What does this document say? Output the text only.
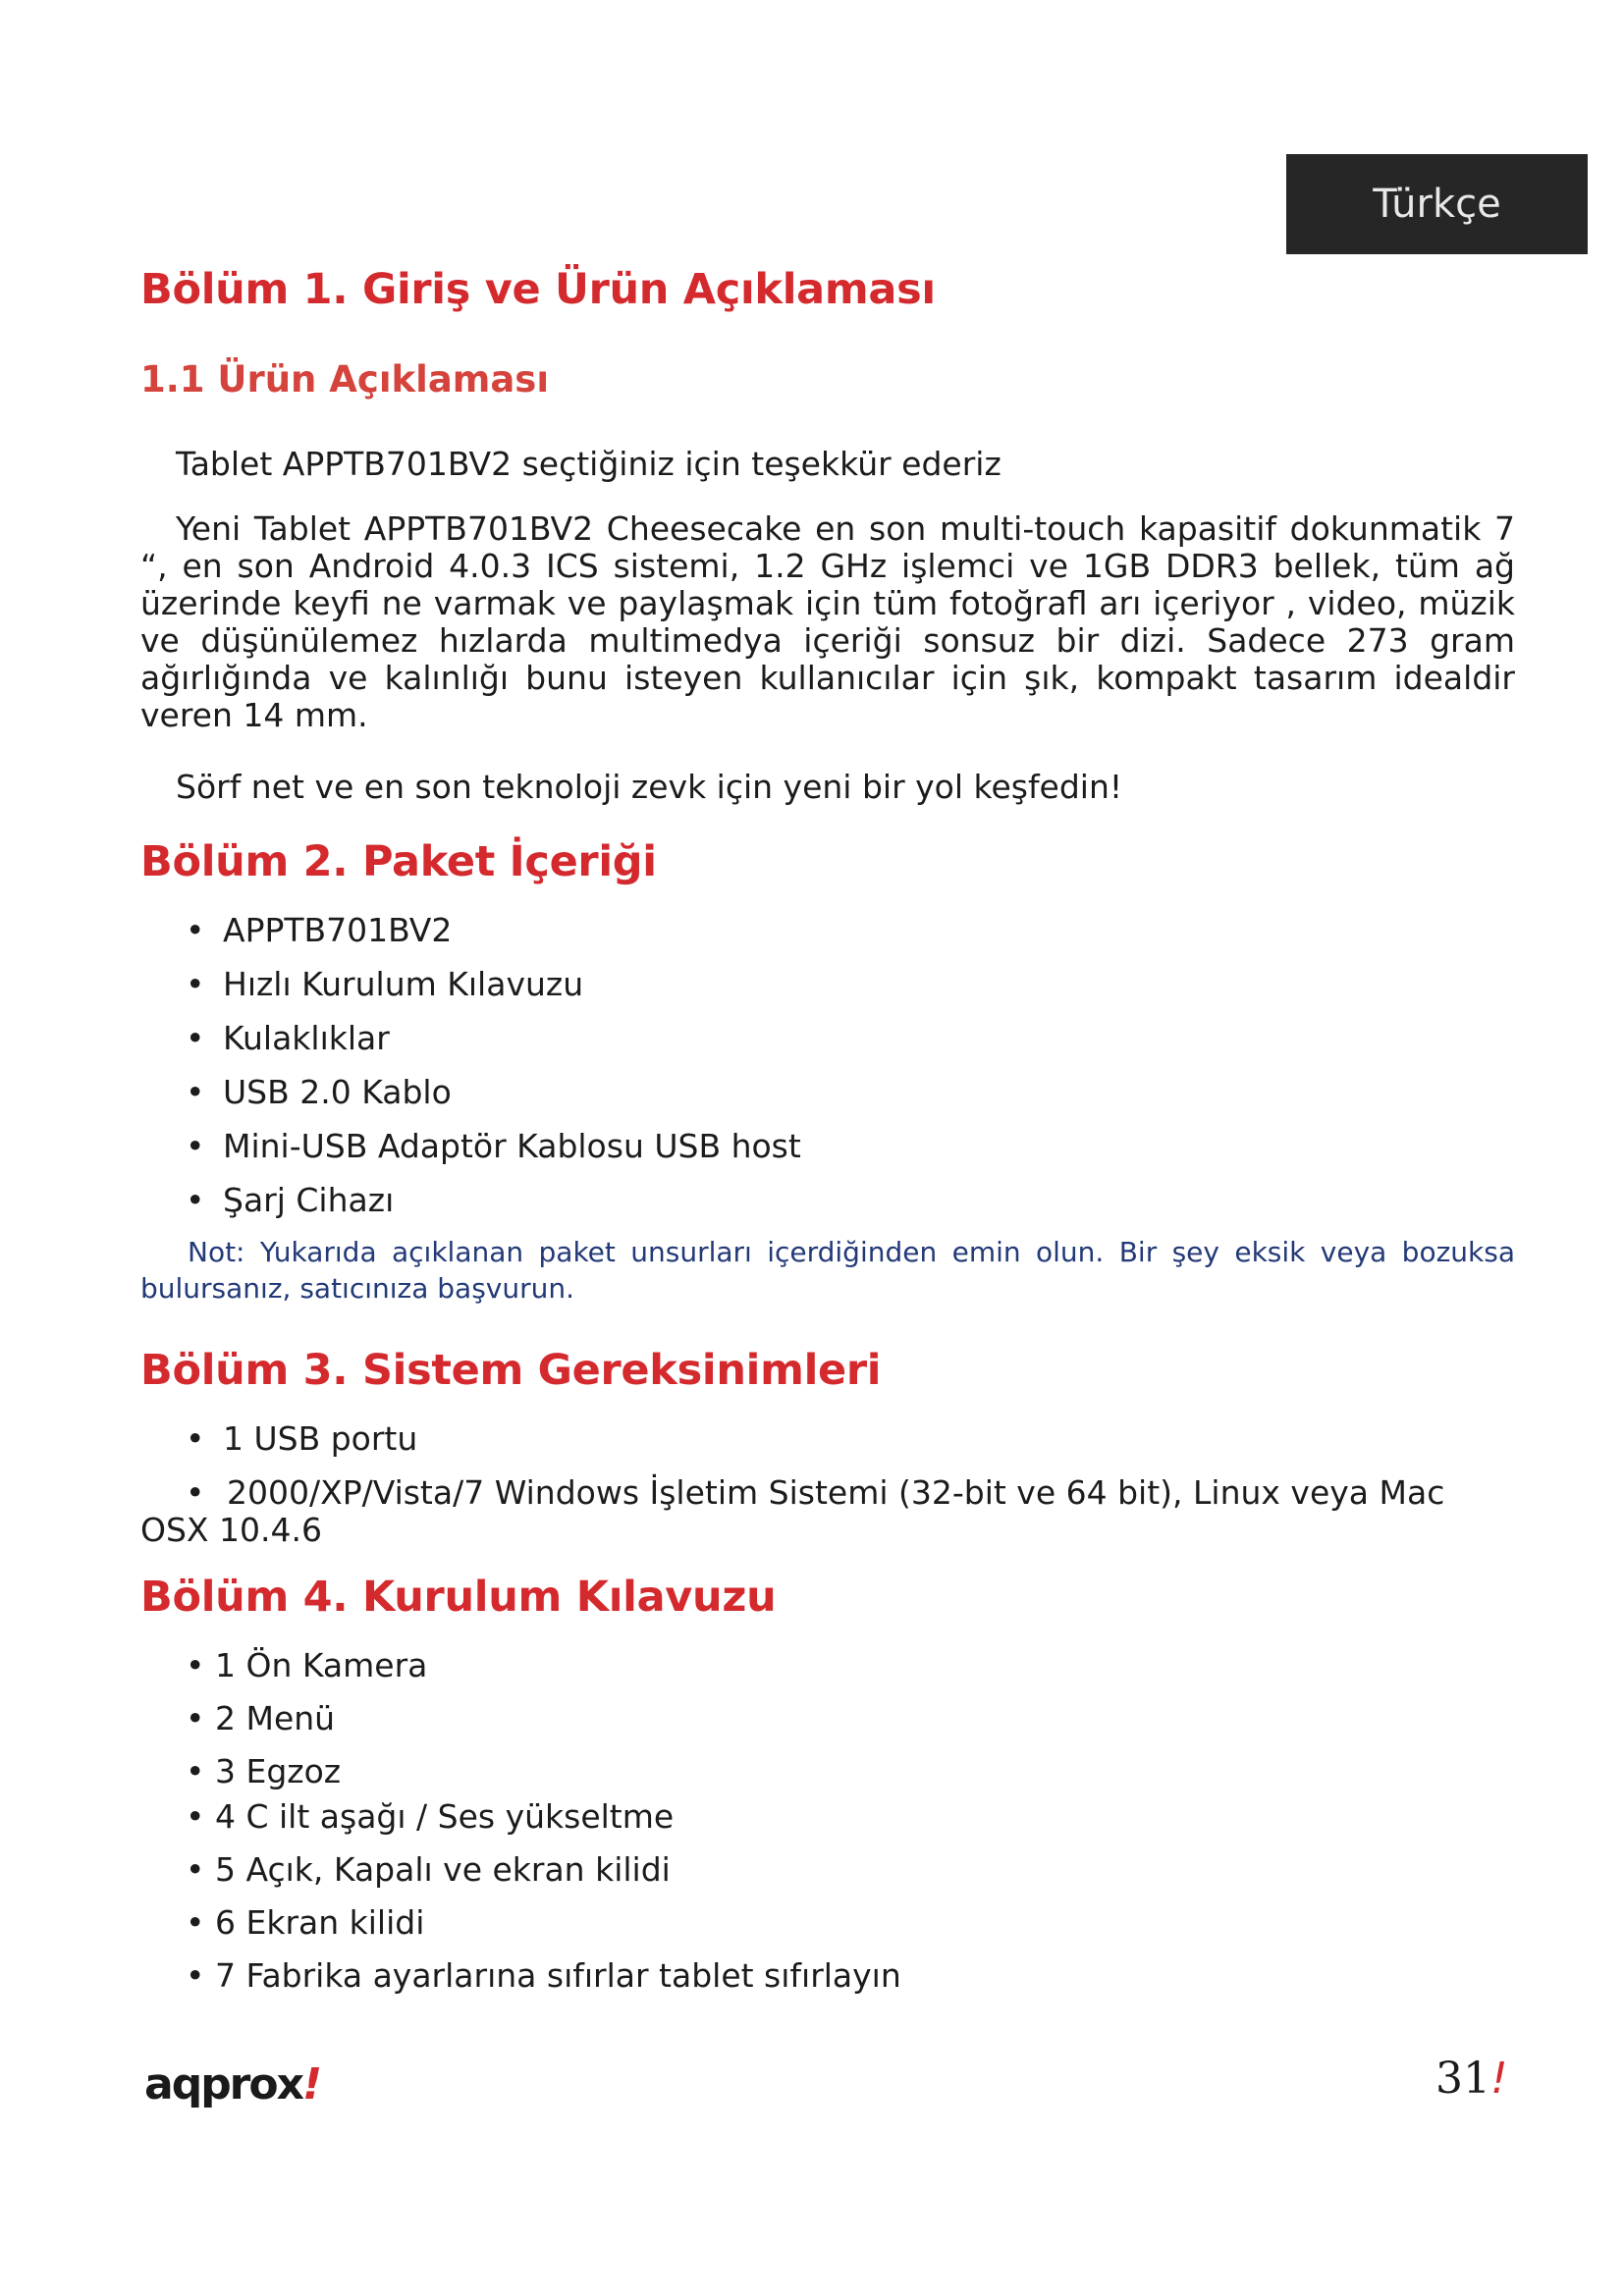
Türkçe
Bölüm 1. Giriş ve Ürün Açıklaması
1.1 Ürün Açıklaması

Tablet APPTB701BV2 seçtiğiniz için teşekkür ederiz

Yeni Tablet APPTB701BV2 Cheesecake en son multi-touch kapasitif dokunmatik 7 “, en son Android 4.0.3 ICS sistemi, 1.2 GHz işlemci ve 1GB DDR3 bellek, tüm ağ üzerinde keyfi ne varmak ve paylaşmak için tüm fotoğrafl arı içeriyor , video, müzik ve düşünülemez hızlarda multimedya içeriği sonsuz bir dizi. Sadece 273 gram ağırlığında ve kalınlığı bunu isteyen kullanıcılar için şık, kompakt tasarım idealdir veren 14 mm.

Sörf net ve en son teknoloji zevk için yeni bir yol keşfedin!

Bölüm 2. Paket İçeriği
• APPTB701BV2
• Hızlı Kurulum Kılavuzu
• Kulaklıklar
• USB 2.0 Kablo
• Mini-USB Adaptör Kablosu USB host
• Şarj Cihazı

Not: Yukarıda açıklanan paket unsurları içerdiğinden emin olun. Bir şey eksik veya bozuksa bulursanız, satıcınıza başvurun.

Bölüm 3. Sistem Gereksinimleri
• 1 USB portu
• 2000/XP/Vista/7 Windows İşletim Sistemi (32-bit ve 64 bit), Linux veya Mac OSX 10.4.6
Bölüm 4. Kurulum Kılavuzu
• 1 Ön Kamera
• 2 Menü
• 3 Egzoz
• 4 C ilt aşağı / Ses yükseltme
• 5 Açık, Kapalı ve ekran kilidi
• 6 Ekran kilidi
• 7 Fabrika ayarlarına sıfırlar tablet sıfırlayın
aqprox!	31!
